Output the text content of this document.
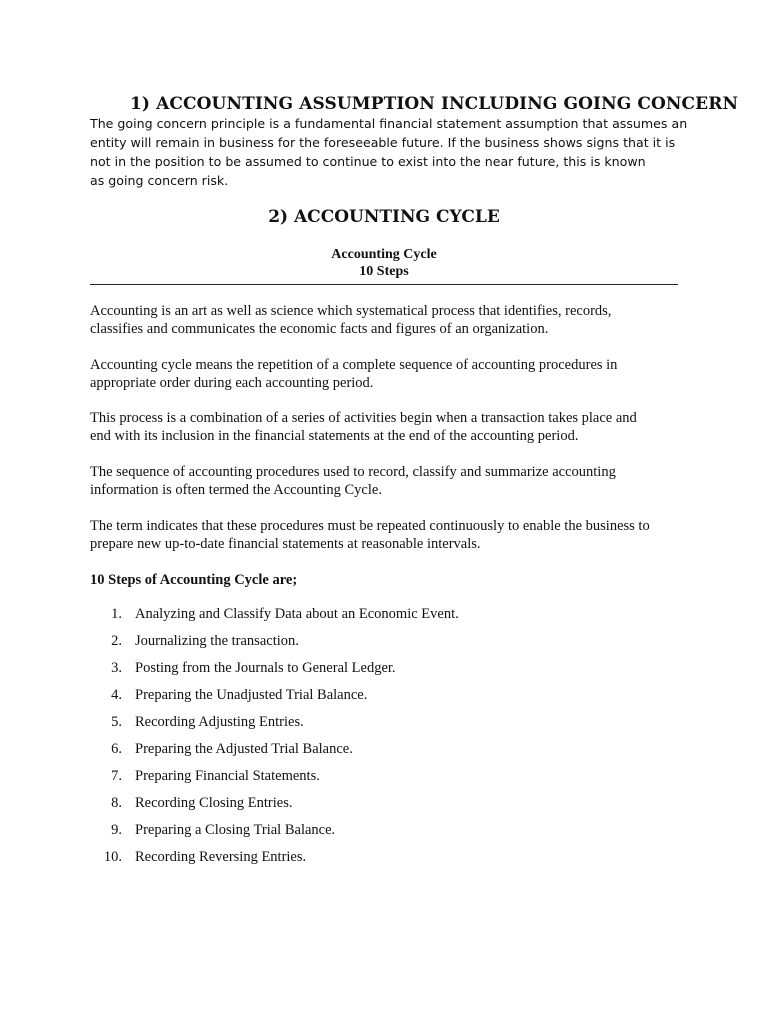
1) ACCOUNTING ASSUMPTION INCLUDING GOING CONCERN

The going concern principle is a fundamental financial statement assumption that assumes an
entity will remain in business for the foreseeable future. If the business shows signs that it is
not in the position to be assumed to continue to exist into the near future, this is known
as going concern risk.

2) ACCOUNTING CYCLE

Accounting Cycle

10 Steps

Accounting is an art as well as science which systematical process that identifies, records,
classifies and communicates the economic facts and figures of an organization.

Accounting cycle means the repetition of a complete sequence of accounting procedures in
appropriate order during each accounting period.

This process is a combination of a series of activities begin when a transaction takes place and
end with its inclusion in the financial statements at the end of the accounting period.

The sequence of accounting procedures used to record, classify and summarize accounting
information is often termed the Accounting Cycle.

The term indicates that these procedures must be repeated continuously to enable the business to
prepare new up-to-date financial statements at reasonable intervals.

10 Steps of Accounting Cycle are;

1. Analyzing and Classify Data about an Economic Event.
2. Journalizing the transaction.
3. Posting from the Journals to General Ledger.
4. Preparing the Unadjusted Trial Balance.
5. Recording Adjusting Entries.
6. Preparing the Adjusted Trial Balance.
7. Preparing Financial Statements.
8. Recording Closing Entries.
9. Preparing a Closing Trial Balance.
10. Recording Reversing Entries.
